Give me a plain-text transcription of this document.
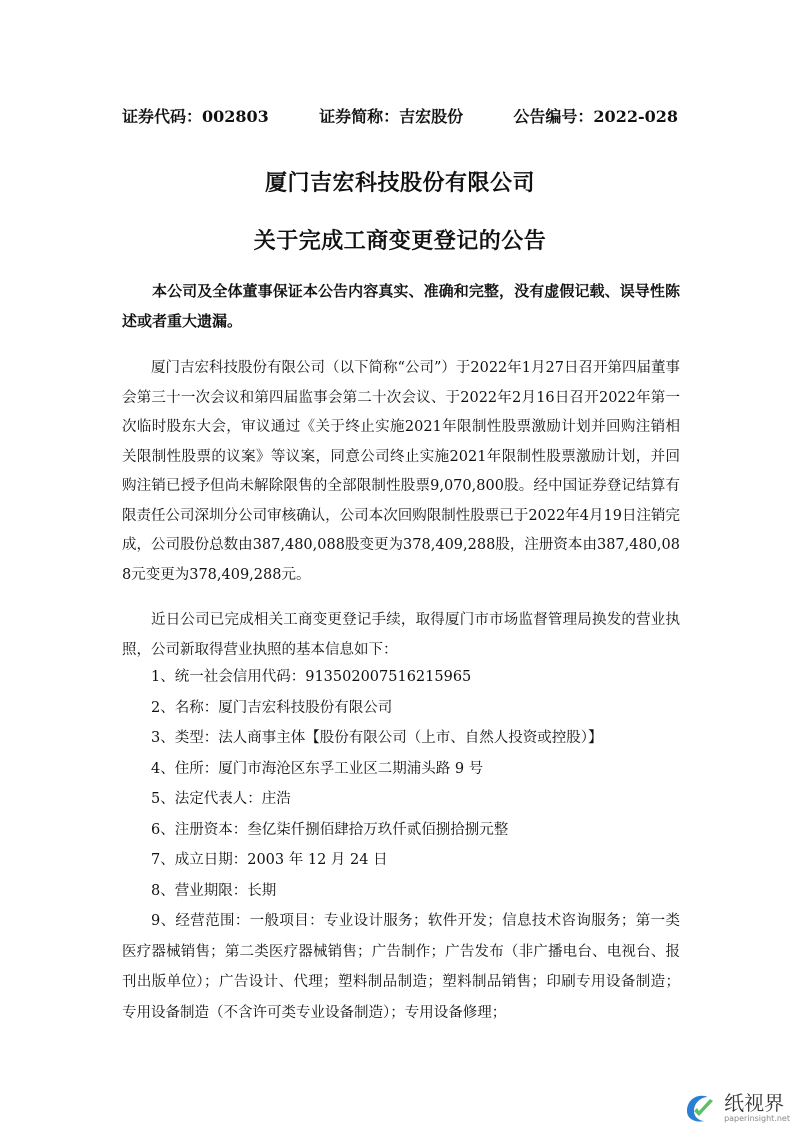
证券代码：002803	证券简称：吉宏股份	公告编号：2022-028
厦门吉宏科技股份有限公司
关于完成工商变更登记的公告
本公司及全体董事保证本公告内容真实、准确和完整，没有虚假记载、误导性陈述或者重大遗漏。
厦门吉宏科技股份有限公司（以下简称“公司”）于2022年1月27日召开第四届董事会第三十一次会议和第四届监事会第二十次会议、于2022年2月16日召开2022年第一次临时股东大会，审议通过《关于终止实施2021年限制性股票激励计划并回购注销相关限制性股票的议案》等议案，同意公司终止实施2021年限制性股票激励计划，并回购注销已授予但尚未解除限售的全部限制性股票9,070,800股。经中国证券登记结算有限责任公司深圳分公司审核确认，公司本次回购限制性股票已于2022年4月19日注销完成，公司股份总数由387,480,088股变更为378,409,288股，注册资本由387,480,088元变更为378,409,288元。
近日公司已完成相关工商变更登记手续，取得厦门市市场监督管理局换发的营业执照，公司新取得营业执照的基本信息如下：
1、统一社会信用代码：913502007516215965
2、名称：厦门吉宏科技股份有限公司
3、类型：法人商事主体【股份有限公司（上市、自然人投资或控股）】
4、住所：厦门市海沧区东孚工业区二期浦头路 9 号
5、法定代表人：庄浩
6、注册资本：叁亿柒仟捌佰肆拾万玖仟贰佰捌拾捌元整
7、成立日期：2003 年 12 月 24 日
8、营业期限：长期
9、经营范围：一般项目：专业设计服务；软件开发；信息技术咨询服务；第一类医疗器械销售；第二类医疗器械销售；广告制作；广告发布（非广播电台、电视台、报刊出版单位）；广告设计、代理；塑料制品制造；塑料制品销售；印刷专用设备制造；专用设备制造（不含许可类专业设备制造）；专用设备修理；
纸视界
paperinsight.net
